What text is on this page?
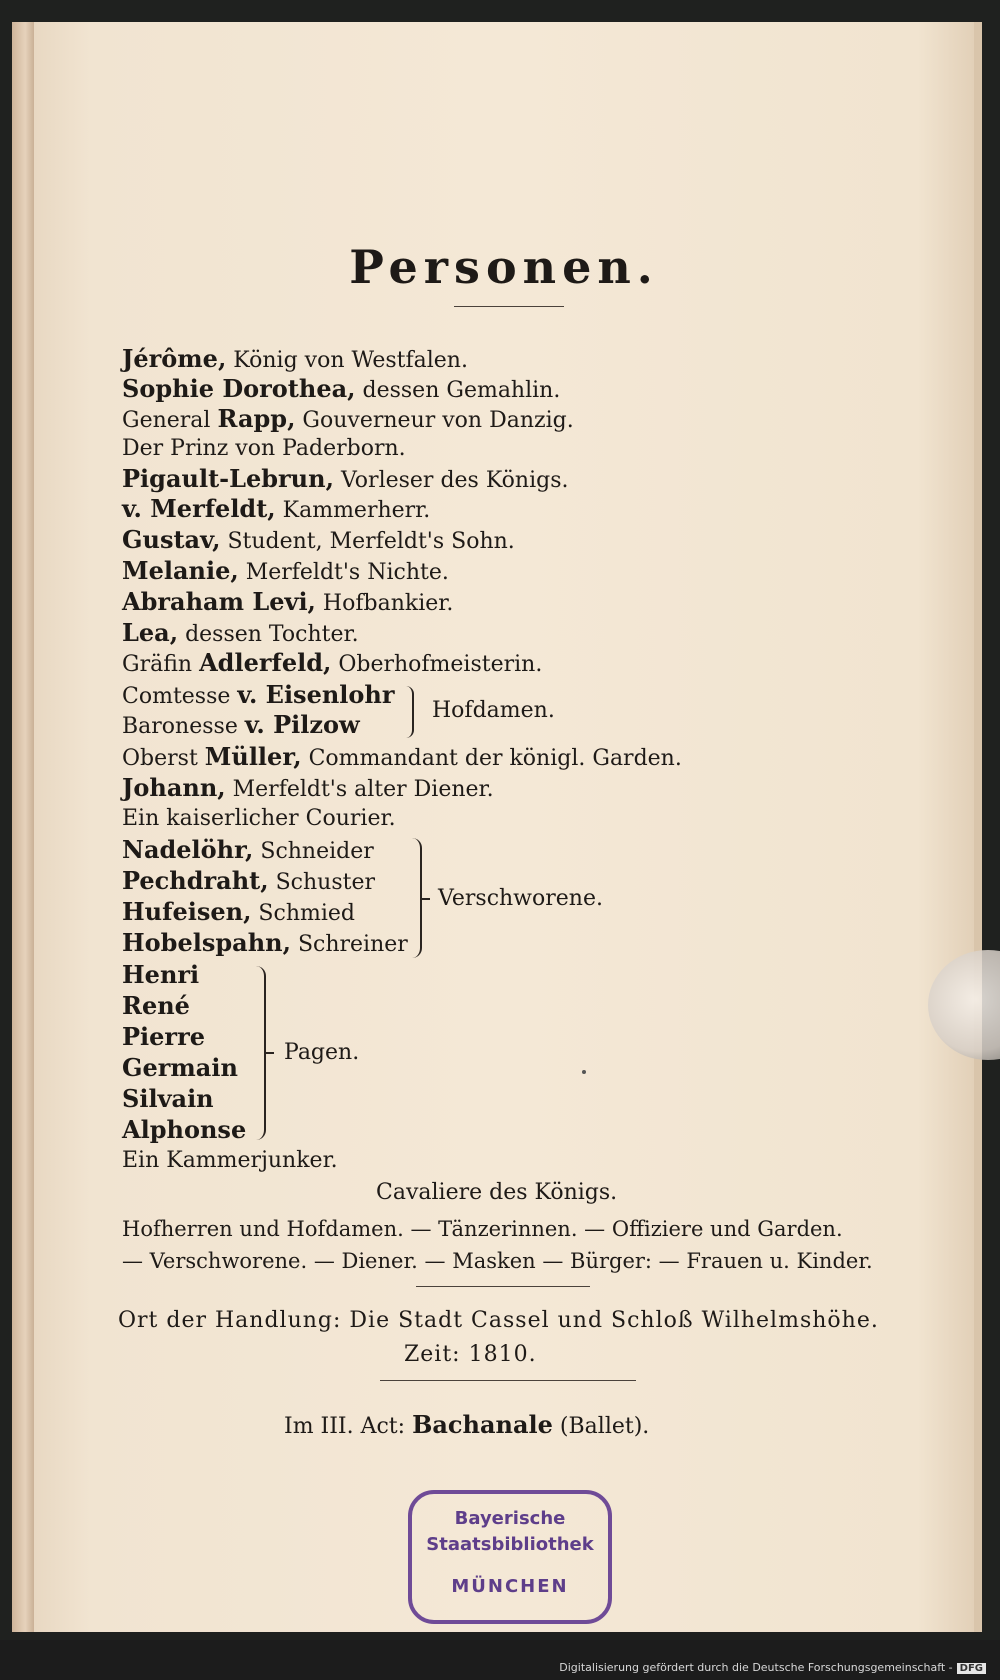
Personen.
Jérôme, König von Westfalen.
Sophie Dorothea, dessen Gemahlin.
General Rapp, Gouverneur von Danzig.
Der Prinz von Paderborn.
Pigault-Lebrun, Vorleser des Königs.
v. Merfeldt, Kammerherr.
Gustav, Student, Merfeldt's Sohn.
Melanie, Merfeldt's Nichte.
Abraham Levi, Hofbankier.
Lea, dessen Tochter.
Gräfin Adlerfeld, Oberhofmeisterin.
Comtesse v. Eisenlohr
Baronesse v. Pilzow	Hofdamen.
Oberst Müller, Commandant der königl. Garden.
Johann, Merfeldt's alter Diener.
Ein kaiserlicher Courier.
Nadelöhr, Schneider
Pechdraht, Schuster
Hufeisen, Schmied
Hobelspahn, Schreiner
Verschworene.
Henri
René
Pierre
Germain
Silvain
Alphonse
Pagen.
Ein Kammerjunker.
Cavaliere des Königs.
Hofherren und Hofdamen. — Tänzerinnen. — Offiziere und Garden.
— Verschworene. — Diener. — Masken — Bürger: — Frauen u. Kinder.
Ort der Handlung: Die Stadt Cassel und Schloß Wilhelmshöhe.
Zeit: 1810.
Im III. Act: Bachanale (Ballet).
Bayerische
Staatsbibliothek
MÜNCHEN
Digitalisierung gefördert durch die Deutsche Forschungsgemeinschaft - DFG
